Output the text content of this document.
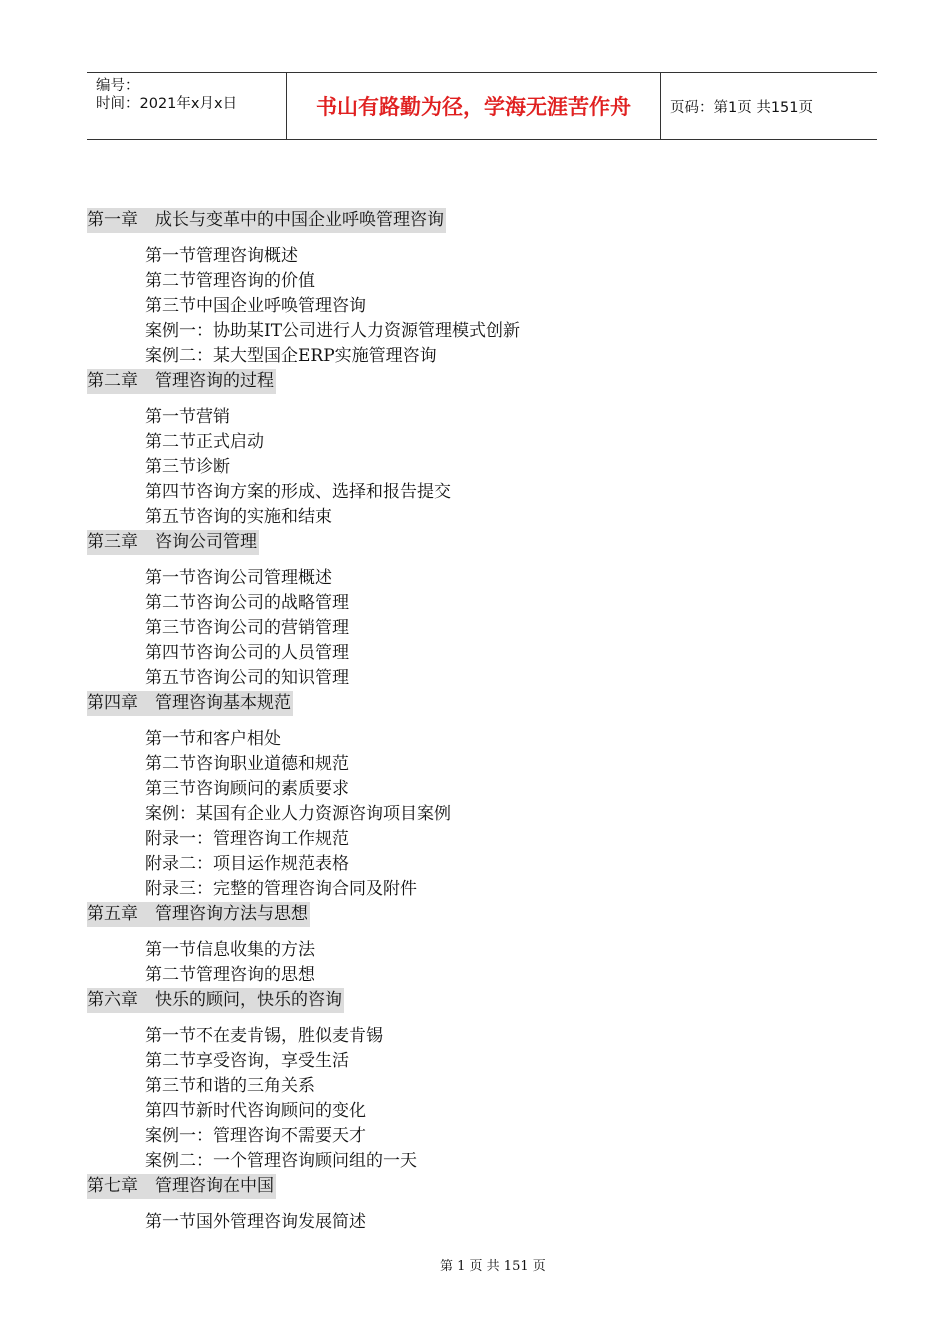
编号：
时间：2021年x月x日	书山有路勤为径，学海无涯苦作舟	页码：第1页 共151页
第一章　成长与变革中的中国企业呼唤管理咨询
第一节管理咨询概述
第二节管理咨询的价值
第三节中国企业呼唤管理咨询
案例一：协助某IT公司进行人力资源管理模式创新
案例二：某大型国企ERP实施管理咨询
第二章　管理咨询的过程
第一节营销
第二节正式启动
第三节诊断
第四节咨询方案的形成、选择和报告提交
第五节咨询的实施和结束
第三章　咨询公司管理
第一节咨询公司管理概述
第二节咨询公司的战略管理
第三节咨询公司的营销管理
第四节咨询公司的人员管理
第五节咨询公司的知识管理
第四章　管理咨询基本规范
第一节和客户相处
第二节咨询职业道德和规范
第三节咨询顾问的素质要求
案例：某国有企业人力资源咨询项目案例
附录一：管理咨询工作规范
附录二：项目运作规范表格
附录三：完整的管理咨询合同及附件
第五章　管理咨询方法与思想
第一节信息收集的方法
第二节管理咨询的思想
第六章　快乐的顾问，快乐的咨询
第一节不在麦肯锡，胜似麦肯锡
第二节享受咨询，享受生活
第三节和谐的三角关系
第四节新时代咨询顾问的变化
案例一：管理咨询不需要天才
案例二：一个管理咨询顾问组的一天
第七章　管理咨询在中国
第一节国外管理咨询发展简述
第 1 页 共 151 页
